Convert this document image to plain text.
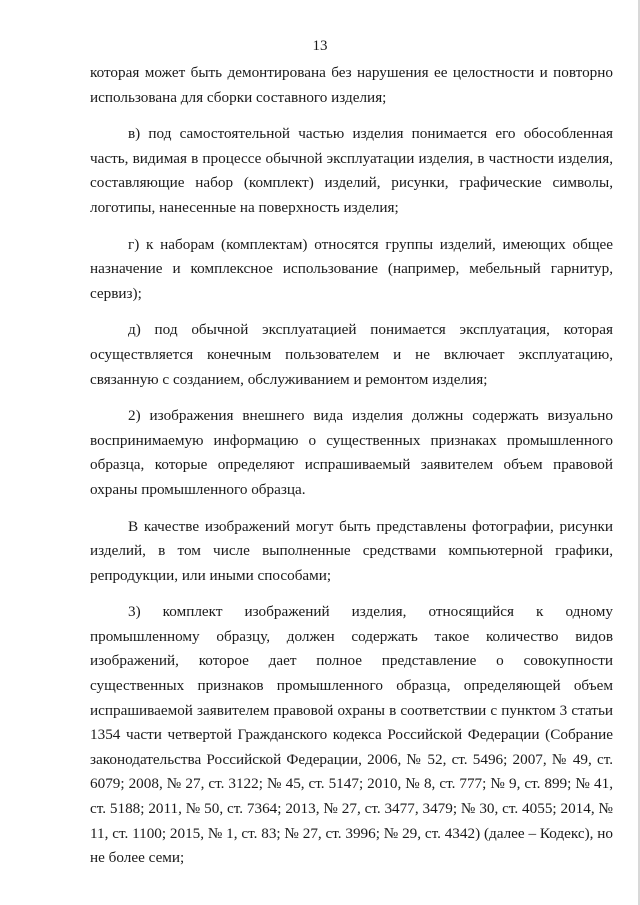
13

которая может быть демонтирована без нарушения ее целостности и повторно использована для сборки составного изделия;

в) под самостоятельной частью изделия понимается его обособленная часть, видимая в процессе обычной эксплуатации изделия, в частности изделия, составляющие набор (комплект) изделий, рисунки, графические символы, логотипы, нанесенные на поверхность изделия;

г) к наборам (комплектам) относятся группы изделий, имеющих общее назначение и комплексное использование (например, мебельный гарнитур, сервиз);

д) под обычной эксплуатацией понимается эксплуатация, которая осуществляется конечным пользователем и не включает эксплуатацию, связанную с созданием, обслуживанием и ремонтом изделия;

2) изображения внешнего вида изделия должны содержать визуально воспринимаемую информацию о существенных признаках промышленного образца, которые определяют испрашиваемый заявителем объем правовой охраны промышленного образца.

В качестве изображений могут быть представлены фотографии, рисунки изделий, в том числе выполненные средствами компьютерной графики, репродукции, или иными способами;

3) комплект изображений изделия, относящийся к одному промышленному образцу, должен содержать такое количество видов изображений, которое дает полное представление о совокупности существенных признаков промышленного образца, определяющей объем испрашиваемой заявителем правовой охраны в соответствии с пунктом 3 статьи 1354 части четвертой Гражданского кодекса Российской Федерации (Собрание законодательства Российской Федерации, 2006, № 52, ст. 5496; 2007, № 49, ст. 6079; 2008, № 27, ст. 3122; № 45, ст. 5147; 2010, № 8, ст. 777; № 9, ст. 899; № 41, ст. 5188; 2011, № 50, ст. 7364; 2013, № 27, ст. 3477, 3479; № 30, ст. 4055; 2014, № 11, ст. 1100; 2015, № 1, ст. 83; № 27, ст. 3996; № 29, ст. 4342) (далее – Кодекс), но не более семи;
